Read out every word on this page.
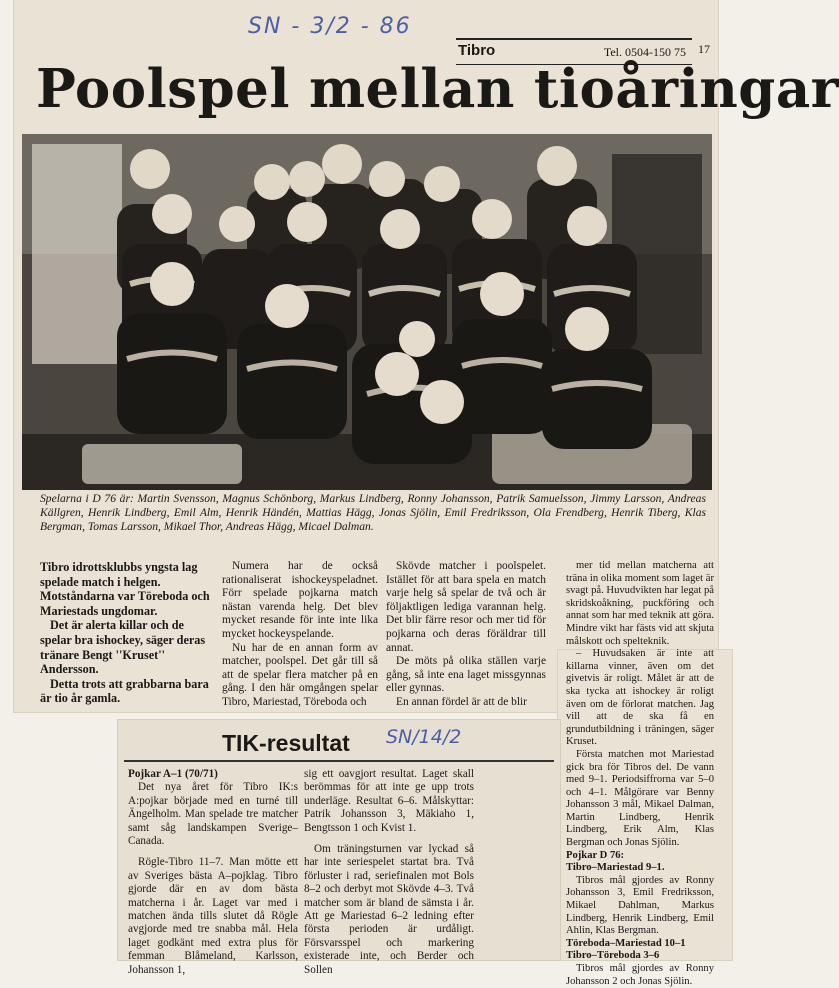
SN - 3/2 - 86
Tibro	Tel. 0504-150 75 17
Poolspel mellan tioåringar
Spelarna i D 76 är: Martin Svensson, Magnus Schönborg, Markus Lindberg, Ronny Johansson, Patrik Samuelsson, Jimmy Larsson, Andreas Källgren, Henrik Lindberg, Emil Alm, Henrik Händén, Mattias Hägg, Jonas Sjölin, Emil Fredriksson, Ola Frendberg, Henrik Tiberg, Klas Bergman, Tomas Larsson, Mikael Thor, Andreas Hägg, Micael Dalman.

Tibro idrottsklubbs yngsta lag spelade match i helgen. Motståndarna var Töreboda och Mariestads ungdomar.

Det är alerta killar och de spelar bra ishockey, säger deras tränare Bengt ''Kruset'' Andersson.

Detta trots att grabbarna bara är tio år gamla.

Numera har de också rationaliserat ishockeyspeladnet. Förr spelade pojkarna match nästan varenda helg. Det blev mycket resande för inte inte lika mycket hockeyspelande.

Nu har de en annan form av matcher, poolspel. Det går till så att de spelar flera matcher på en gång. I den här omgången spelar Tibro, Mariestad, Töreboda och

Skövde matcher i poolspelet. Istället för att bara spela en match varje helg så spelar de två och är följaktligen lediga varannan helg. Det blir färre resor och mer tid för pojkarna och deras föräldrar till annat.

De möts på olika ställen varje gång, så inte ena laget missgynnas eller gynnas.

En annan fördel är att de blir

mer tid mellan matcherna att träna in olika moment som laget är svagt på. Huvudvikten har legat på skridskoåkning, puckföring och annat som har med teknik att göra. Mindre vikt har fästs vid att skjuta målskott och spelteknik.

– Huvudsaken är inte att killarna vinner, även om det givetvis är roligt. Målet är att de ska tycka att ishockey är roligt även om de förlorat matchen. Jag vill att de ska få en grundutbildning i träningen, säger Kruset.

Första matchen mot Mariestad gick bra för Tibros del. De vann med 9–1. Periodsiffrorna var 5–0 och 4–1. Målgörare var Benny Johansson 3 mål, Mikael Dalman, Martin Lindberg, Henrik Lindberg, Erik Alm, Klas Bergman och Jonas Sjölin.

Pojkar D 76:

Tibro–Mariestad 9–1.

Tibros mål gjordes av Ronny Johansson 3, Emil Fredriksson, Mikael Dahlman, Markus Lindberg, Henrik Lindberg, Emil Ahlin, Klas Bergman.

Töreboda–Mariestad 10–1

Tibro–Töreboda 3–6

Tibros mål gjordes av Ronny Johansson 2 och Jonas Sjölin.

TIK-resultat SN/14/2

Pojkar A–1 (70/71)

Det nya året för Tibro IK:s A:pojkar började med en turné till Ängelholm. Man spelade tre matcher samt såg landskampen Sverige–Canada.

Rögle-Tibro 11–7. Man mötte ett av Sveriges bästa A–pojklag. Tibro gjorde där en av dom bästa matcherna i år. Laget var med i matchen ända tills slutet då Rögle avgjorde med tre snabba mål. Hela laget godkänt med extra plus för femman Blåmeland, Karlsson, Johansson 1,

sig ett oavgjort resultat. Laget skall berömmas för att inte ge upp trots underläge. Resultat 6–6. Målskyttar: Patrik Johansson 3, Mäkiaho 1, Bengtsson 1 och Kvist 1.

Om träningsturnen var lyckad så har inte seriespelet startat bra. Två förluster i rad, seriefinalen mot Bols 8–2 och derbyt mot Skövde 4–3. Två matcher som är bland de sämsta i år. Att ge Mariestad 6–2 ledning efter första perioden är urdåligt. Försvarsspel och markering existerade inte, och Berder och Sollen
